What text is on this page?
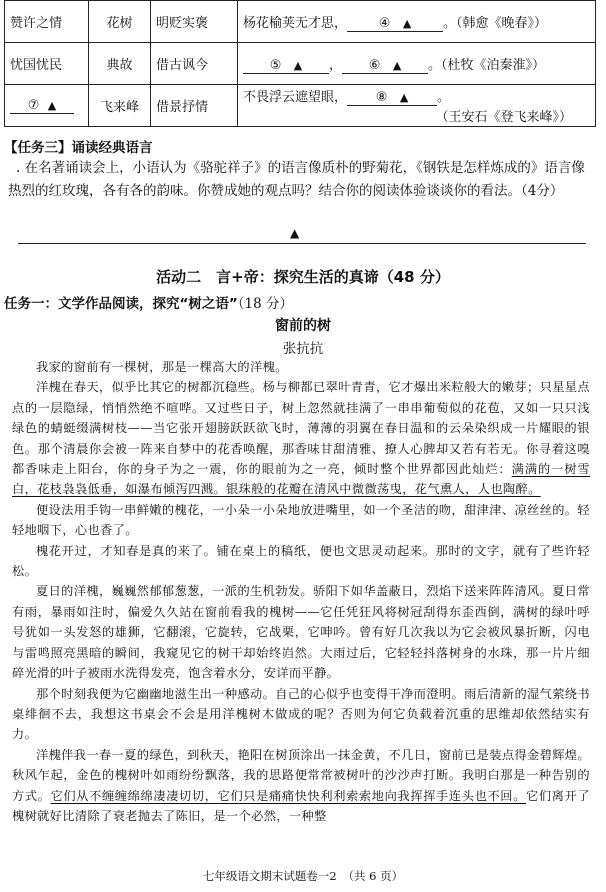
赞许之情	花树	明贬实褒	杨花榆荚无才思， ④ ▲ 。（韩愈《晚春》）
忧国忧民	典故	借古讽今	⑤ ▲ ， ⑥ ▲ 。（杜牧《泊秦淮》）
⑦ ▲	飞来峰	借景抒情	不畏浮云遮望眼， ⑧ ▲ 。
（王安石《登飞来峰》）
【任务三】诵读经典语言
. 在名著诵读会上，小语认为《骆驼祥子》的语言像质朴的野菊花，《钢铁是怎样炼成的》语言像热烈的红玫瑰，各有各的韵味。你赞成她的观点吗？结合你的阅读体验谈谈你的看法。（4分）
▲
活动二　言+帝：探究生活的真谛（48 分）
任务一：文学作品阅读，探究“树之语”（18 分）
窗前的树
张抗抗

我家的窗前有一棵树，那是一棵高大的洋槐。

洋槐在春天，似乎比其它的树都沉稳些。杨与柳都已翠叶青青，它才爆出米粒般大的嫩芽；只星星点点的一层隐绿，悄悄然绝不喧哗。又过些日子，树上忽然就挂满了一串串葡萄似的花苞，又如一只只浅绿色的蜻蜓缀满树枝——当它张开翅膀跃跃欲飞时，薄薄的羽翼在春日温和的云朵染织成一片耀眼的银色。那个清晨你会被一阵来自梦中的花香唤醒，那香味甘甜清雅、撩人心脾却又若有若无。你寻着这嗅都香味走上阳台，你的身子为之一震，你的眼前为之一亮，倾时整个世界都因此灿烂：满满的一树雪白，花枝袅袅低垂，如瀑布倾泻四溅。银珠般的花瓣在清风中微微荡曳，花气熏人，人也陶醉。

便设法用手钩一串鲜嫩的槐花，一小朵一小朵地放进嘴里，如一个圣洁的吻，甜津津、凉丝丝的。轻轻地咽下，心也香了。

槐花开过，才知春是真的来了。铺在桌上的稿纸，便也文思灵动起来。那时的文字，就有了些许轻松。

夏日的洋槐，巍巍然郁郁葱葱，一派的生机勃发。骄阳下如华盖蔽日，烈焰下送来阵阵清风。夏日常有雨，暴雨如注时，偏爱久久站在窗前看我的槐树——它任凭狂风将树冠刮得东歪西倒，满树的绿叶呼号犹如一头发怒的雄狮，它翻滚，它旋转，它战栗，它呻吟。曾有好几次我以为它会被风暴折断，闪电与雷鸣照亮黑暗的瞬间，我窥见它的树干却始终岿然。大雨过后，它轻轻抖落树身的水珠，那一片片细碎光滑的叶子被雨水洗得发亮，饱含着水分，安详而平静。

那个时刻我便为它幽幽地滋生出一种感动。自己的心似乎也变得干净而澄明。雨后清新的湿气萦绕书桌绯徊不去，我想这书桌会不会是用洋槐树木做成的呢？否则为何它负载着沉重的思维却依然结实有力。

洋槐伴我一春一夏的绿色，到秋天，艳阳在树顶涂出一抹金黄，不几日，窗前已是装点得金碧辉煌。秋风乍起，金色的槐树叶如雨纷纷飘落，我的思路便常常被树叶的沙沙声打断。我明白那是一种告别的方式。它们从不缠缠绵绵凄凄切切，它们只是痛痛快快利利索索地向我挥挥手连头也不回。它们离开了槐树就好比清除了衰老抛去了陈旧，是一个必然，一种整

七年级语文期末试题卷一2　（共 6 页）
